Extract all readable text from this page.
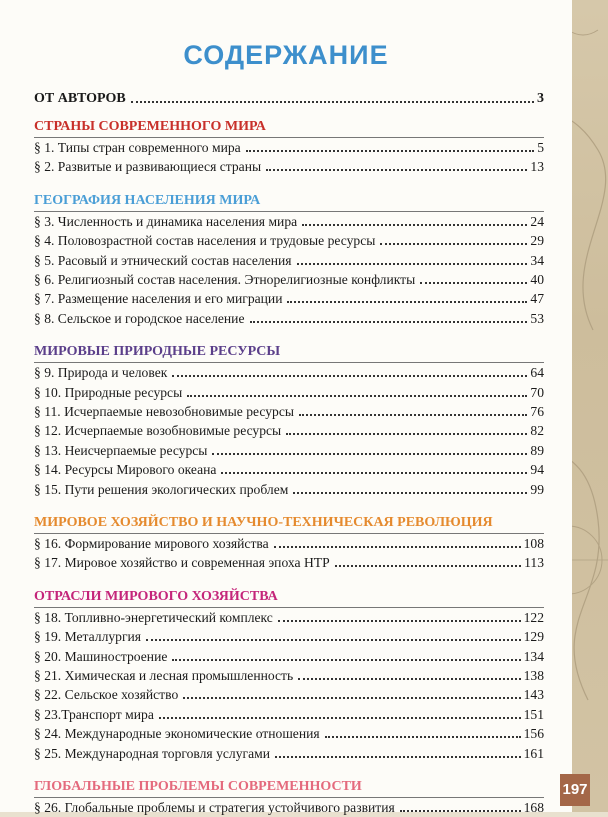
СОДЕРЖАНИЕ
ОТ АВТОРОВ	3
СТРАНЫ СОВРЕМЕННОГО МИРА
§ 1. Типы стран современного мира	5
§ 2. Развитые и развивающиеся страны	13
ГЕОГРАФИЯ НАСЕЛЕНИЯ МИРА
§ 3. Численность и динамика населения мира	24
§ 4. Половозрастной состав населения и трудовые ресурсы	29
§ 5. Расовый и этнический состав населения	34
§ 6. Религиозный состав населения. Этнорелигиозные конфликты	40
§ 7. Размещение населения и его миграции	47
§ 8. Сельское и городское население	53
МИРОВЫЕ ПРИРОДНЫЕ РЕСУРСЫ
§ 9. Природа и человек	64
§ 10. Природные ресурсы	70
§ 11. Исчерпаемые невозобновимые ресурсы	76
§ 12. Исчерпаемые возобновимые ресурсы	82
§ 13. Неисчерпаемые ресурсы	89
§ 14. Ресурсы Мирового океана	94
§ 15. Пути решения экологических проблем	99
МИРОВОЕ ХОЗЯЙСТВО И НАУЧНО-ТЕХНИЧЕСКАЯ РЕВОЛЮЦИЯ
§ 16. Формирование мирового хозяйства	108
§ 17. Мировое хозяйство и современная эпоха НТР	113
ОТРАСЛИ МИРОВОГО ХОЗЯЙСТВА
§ 18. Топливно-энергетический комплекс	122
§ 19. Металлургия	129
§ 20. Машиностроение	134
§ 21. Химическая и лесная промышленность	138
§ 22. Сельское хозяйство	143
§ 23.Транспорт мира	151
§ 24. Международные экономические отношения	156
§ 25. Международная торговля услугами	161
ГЛОБАЛЬНЫЕ ПРОБЛЕМЫ СОВРЕМЕННОСТИ
§ 26. Глобальные проблемы и стратегия устойчивого развития	168
197
